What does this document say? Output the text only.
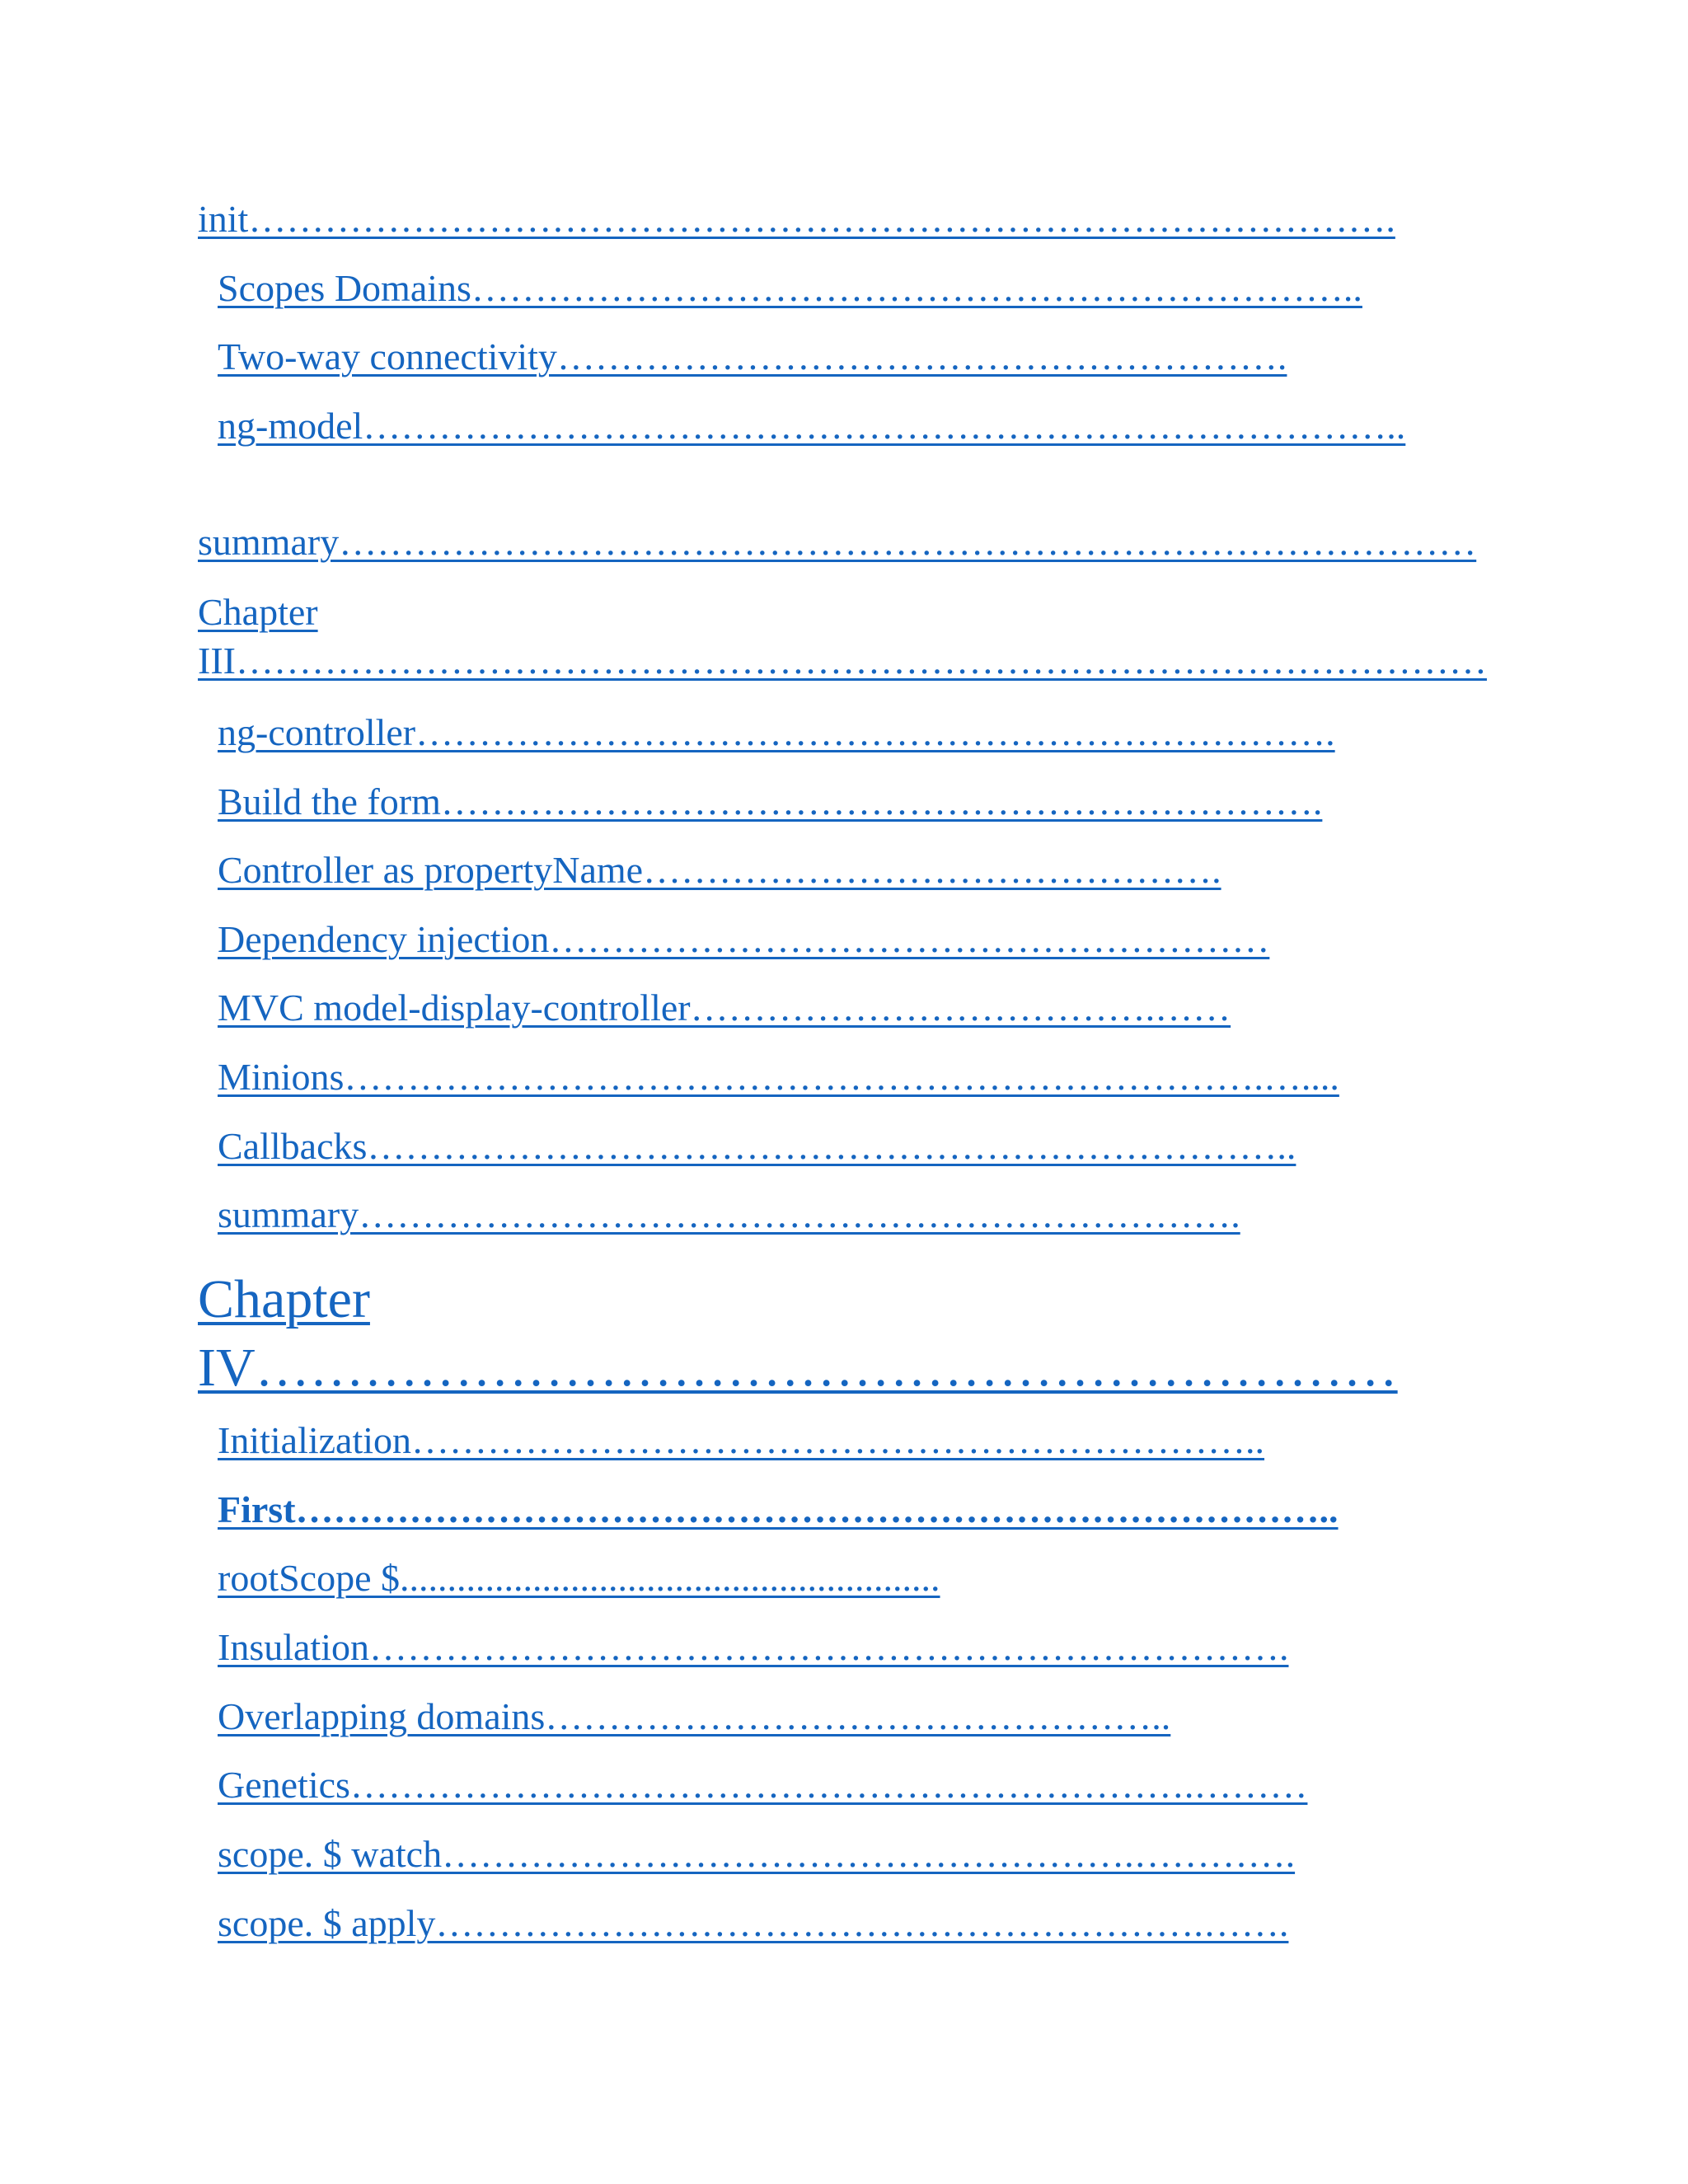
init……………………………………………………………………………….
Scopes Domains……………………………………………………………..
Two-way connectivity………………………………………………….
ng-model………………………………………………………………………..
summary………………………………………………………………………………
Chapter
III………………………………………………………………………………………
ng-controller……………………………………………………………….
Build the form…………………………………………………………….
Controller as propertyName……………………………………….
Dependency injection…………………………………………………
MVC model-display-controller……………………………….……
Minions……………………………………………………………….…....
Callbacks………………………………………………………………..
summary…………………………………………………………….
Chapter
IV………………………………………………………
Initialization…………………………………………………………..
First………………………………………………………………………..
rootScope $.........................................................
Insulation……………………………………………………………….
Overlapping domains…………………………………………..
Genetics………………………………………………………….………
scope. $ watch……………………………………………….………….
scope. $ apply…………………………………………………….…….
